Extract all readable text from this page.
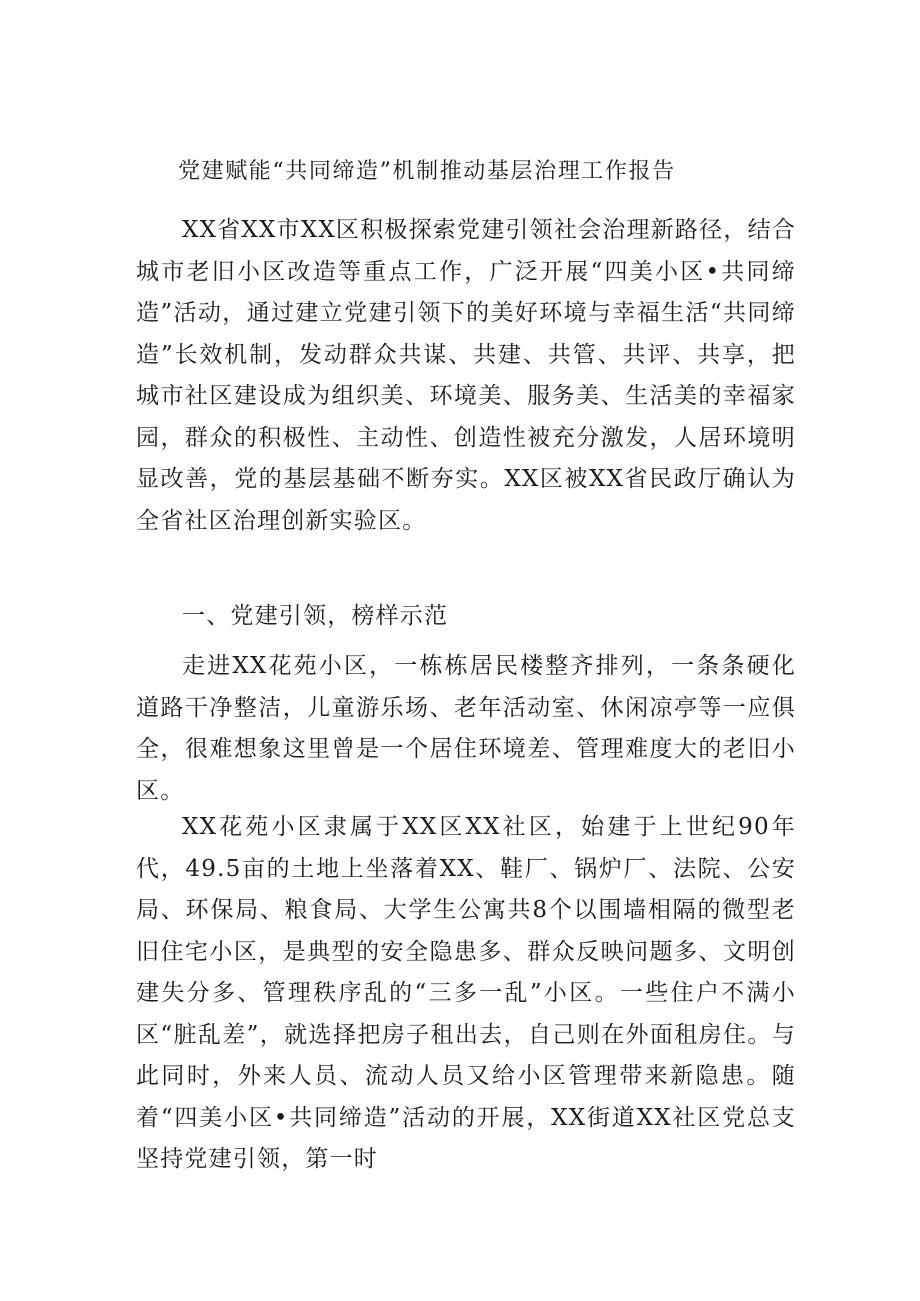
党建赋能“共同缔造”机制推动基层治理工作报告

XX省XX市XX区积极探索党建引领社会治理新路径，结合城市老旧小区改造等重点工作，广泛开展“四美小区•共同缔造”活动，通过建立党建引领下的美好环境与幸福生活“共同缔造”长效机制，发动群众共谋、共建、共管、共评、共享，把城市社区建设成为组织美、环境美、服务美、生活美的幸福家园，群众的积极性、主动性、创造性被充分激发，人居环境明显改善，党的基层基础不断夯实。XX区被XX省民政厅确认为全省社区治理创新实验区。

一、党建引领，榜样示范

走进XX花苑小区，一栋栋居民楼整齐排列，一条条硬化道路干净整洁，儿童游乐场、老年活动室、休闲凉亭等一应俱全，很难想象这里曾是一个居住环境差、管理难度大的老旧小区。

XX花苑小区隶属于XX区XX社区，始建于上世纪90年代，49.5亩的土地上坐落着XX、鞋厂、锅炉厂、法院、公安局、环保局、粮食局、大学生公寓共8个以围墙相隔的微型老旧住宅小区，是典型的安全隐患多、群众反映问题多、文明创建失分多、管理秩序乱的“三多一乱”小区。一些住户不满小区“脏乱差”，就选择把房子租出去，自己则在外面租房住。与此同时，外来人员、流动人员又给小区管理带来新隐患。随着“四美小区•共同缔造”活动的开展，XX街道XX社区党总支坚持党建引领，第一时
